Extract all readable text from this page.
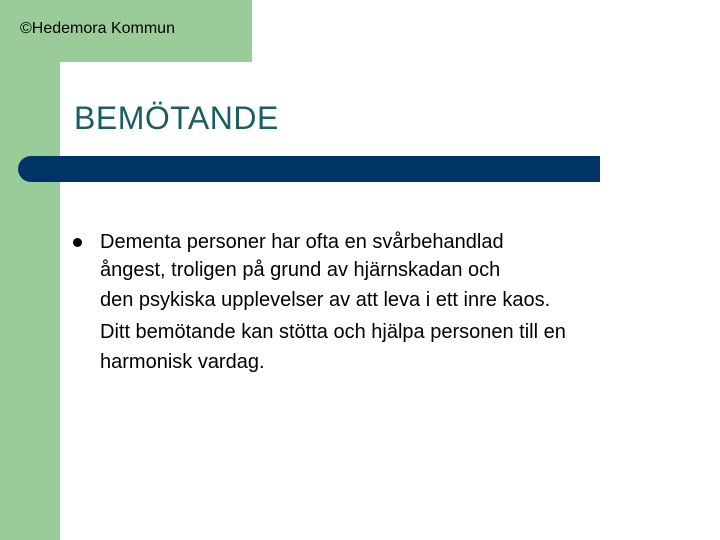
©Hedemora Kommun
BEMÖTANDE
Dementa personer har ofta en svårbehandlad
ångest, troligen på grund av hjärnskadan och
den psykiska upplevelser av att leva i ett inre kaos.
Ditt bemötande kan stötta och hjälpa personen till en
harmonisk vardag.
